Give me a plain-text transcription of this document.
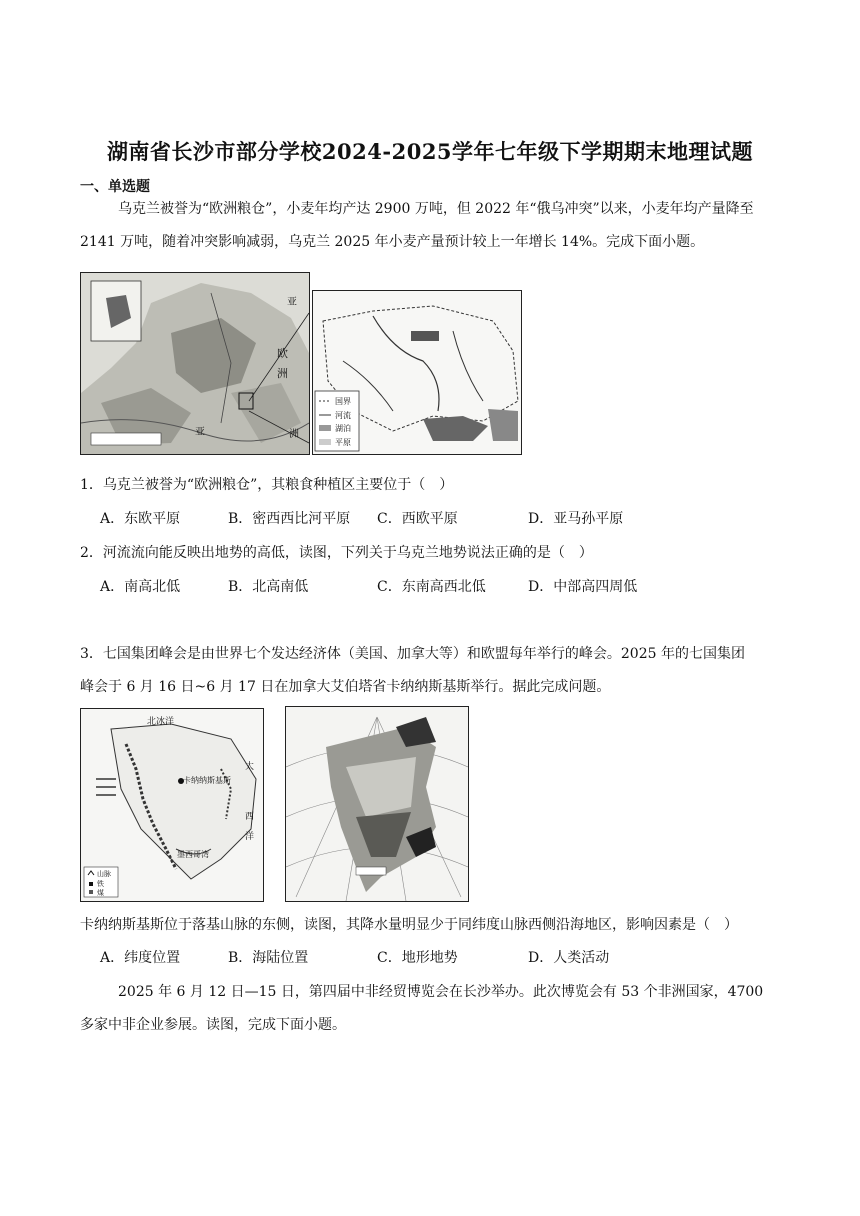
湖南省长沙市部分学校2024-2025学年七年级下学期期末地理试题
一、单选题
乌克兰被誉为“欧洲粮仓”，小麦年均产达 2900 万吨，但 2022 年“俄乌冲突”以来，小麦年均产量降至
2141 万吨，随着冲突影响减弱，乌克兰 2025 年小麦产量预计较上一年增长 14%。完成下面小题。
亚
欧
洲
亚	洲
国界
河流
湖泊
平原
1．乌克兰被誉为“欧洲粮仓”，其粮食种植区主要位于（　）
A．东欧平原	B．密西西比河平原 C．西欧平原	D．亚马孙平原
2．河流流向能反映出地势的高低，读图，下列关于乌克兰地势说法正确的是（　）
A．南高北低	B．北高南低	C．东南高西北低	D．中部高四周低
3．七国集团峰会是由世界七个发达经济体（美国、加拿大等）和欧盟每年举行的峰会。2025 年的七国集团
峰会于 6 月 16 日~6 月 17 日在加拿大艾伯塔省卡纳纳斯基斯举行。据此完成问题。
北冰洋
卡纳纳斯基斯
太
西
洋
墨西哥湾
山脉
铁
煤
卡纳纳斯基斯位于落基山脉的东侧，读图，其降水量明显少于同纬度山脉西侧沿海地区，影响因素是（　）
A．纬度位置	B．海陆位置	C．地形地势	D．人类活动
2025 年 6 月 12 日—15 日，第四届中非经贸博览会在长沙举办。此次博览会有 53 个非洲国家，4700
多家中非企业参展。读图，完成下面小题。
